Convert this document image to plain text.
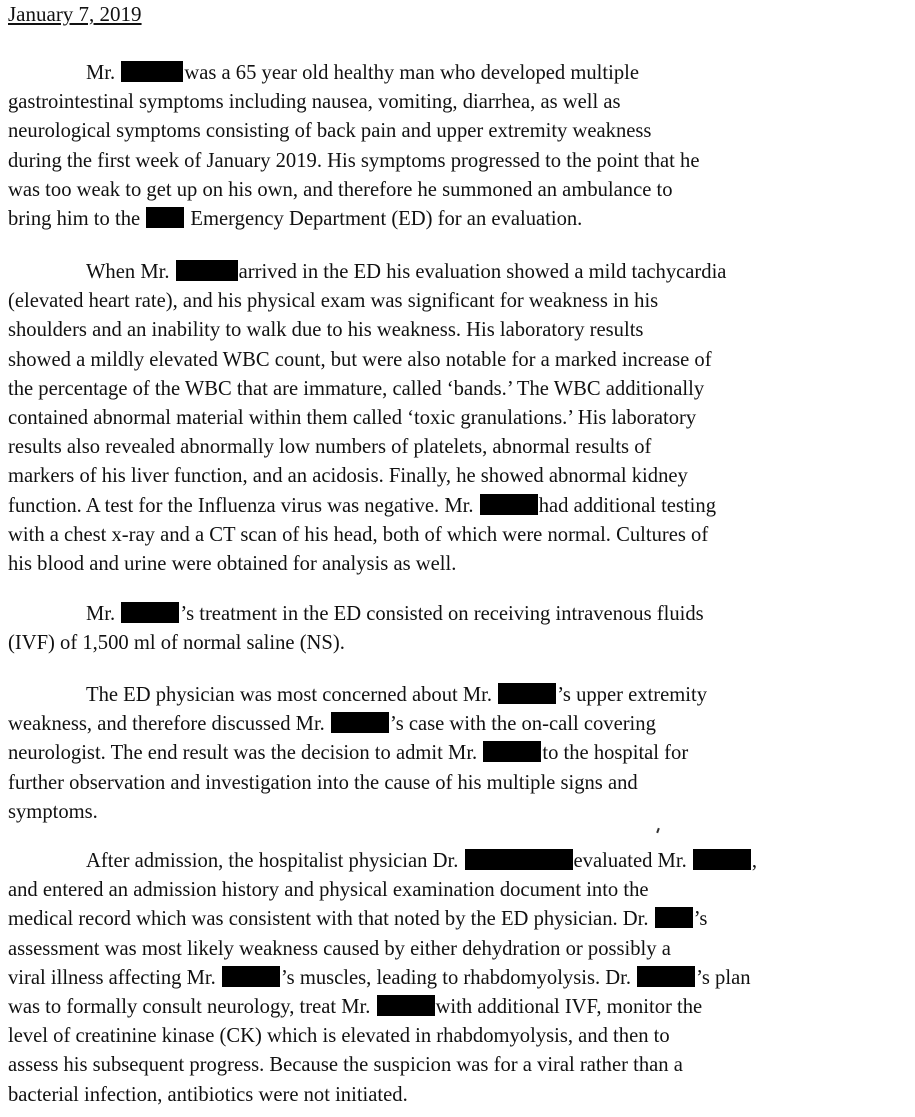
January 7, 2019
Mr.	was a 65 year old healthy man who developed multiple
gastrointestinal symptoms including nausea, vomiting, diarrhea, as well as
neurological symptoms consisting of back pain and upper extremity weakness
during the first week of January 2019. His symptoms progressed to the point that he
was too weak to get up on his own, and therefore he summoned an ambulance to
bring him to the  Emergency Department (ED) for an evaluation.
When Mr.	arrived in the ED his evaluation showed a mild tachycardia
(elevated heart rate), and his physical exam was significant for weakness in his
shoulders and an inability to walk due to his weakness. His laboratory results
showed a mildly elevated WBC count, but were also notable for a marked increase of
the percentage of the WBC that are immature, called ‘bands.’ The WBC additionally
contained abnormal material within them called ‘toxic granulations.’ His laboratory
results also revealed abnormally low numbers of platelets, abnormal results of
markers of his liver function, and an acidosis. Finally, he showed abnormal kidney
function. A test for the Influenza virus was negative. Mr.	had additional testing
with a chest x-ray and a CT scan of his head, both of which were normal. Cultures of
his blood and urine were obtained for analysis as well.
Mr.	’s treatment in the ED consisted on receiving intravenous fluids
(IVF) of 1,500 ml of normal saline (NS).
The ED physician was most concerned about Mr.	’s upper extremity
weakness, and therefore discussed Mr.	’s case with the on-call covering
neurologist. The end result was the decision to admit Mr.	to the hospital for
further observation and investigation into the cause of his multiple signs and
symptoms.
After admission, the hospitalist physician Dr.	evaluated Mr.	,
and entered an admission history and physical examination document into the
medical record which was consistent with that noted by the ED physician. Dr. ’s
assessment was most likely weakness caused by either dehydration or possibly a
viral illness affecting Mr.	’s muscles, leading to rhabdomyolysis. Dr.	’s plan
was to formally consult neurology, treat Mr.	with additional IVF, monitor the
level of creatinine kinase (CK) which is elevated in rhabdomyolysis, and then to
assess his subsequent progress. Because the suspicion was for a viral rather than a
bacterial infection, antibiotics were not initiated.
